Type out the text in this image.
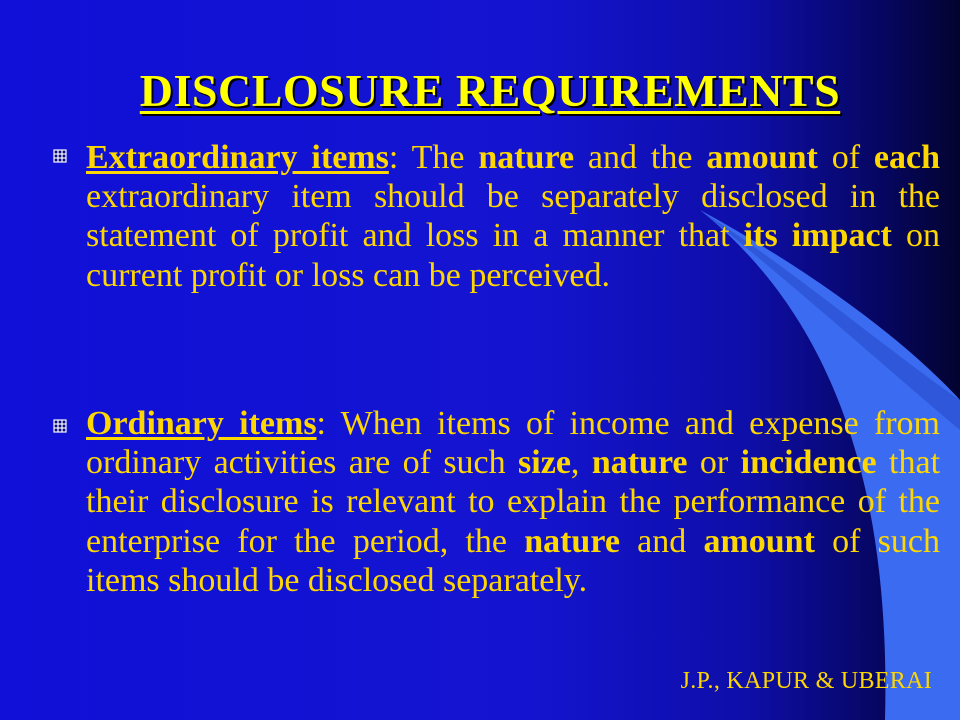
DISCLOSURE REQUIREMENTS

Extraordinary items: The nature and the amount of each extraordinary item should be separately disclosed in the statement of profit and loss in a manner that its impact on current profit or loss can be perceived.

Ordinary items: When items of income and expense from ordinary activities are of such size, nature or incidence that their disclosure is relevant to explain the performance of the enterprise for the period, the nature and amount of such items should be disclosed separately.

J.P., KAPUR & UBERAI
